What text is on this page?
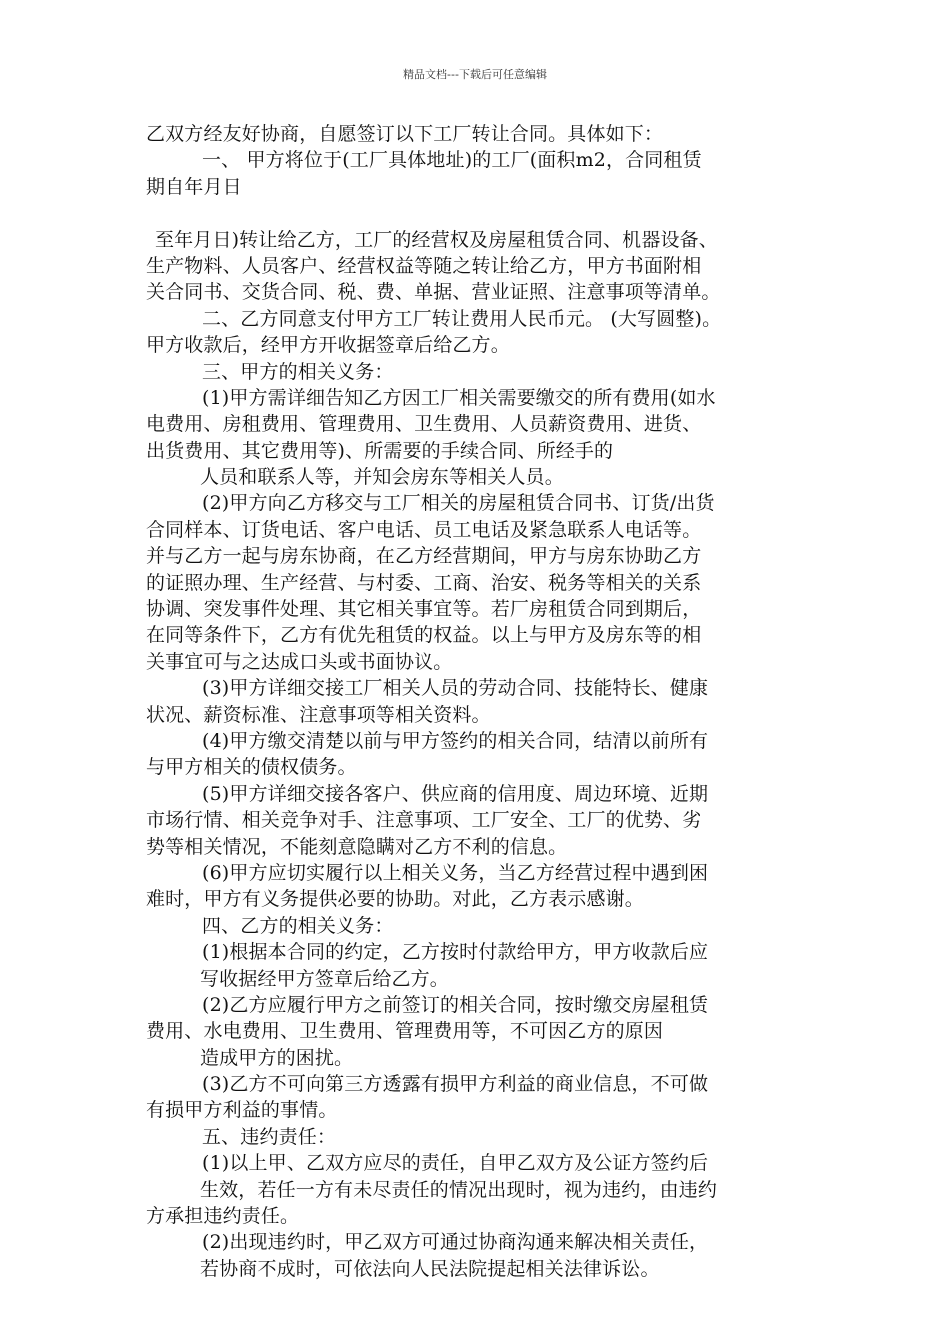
精品文档---下载后可任意编辑
乙双方经友好协商，自愿签订以下工厂转让合同。具体如下：
一、 甲方将位于(工厂具体地址)的工厂(面积m2，合同租赁
期自年月日
至年月日)转让给乙方，工厂的经营权及房屋租赁合同、机器设备、
生产物料、人员客户、经营权益等随之转让给乙方，甲方书面附相
关合同书、交货合同、税、费、单据、营业证照、注意事项等清单。
二、乙方同意支付甲方工厂转让费用人民币元。 (大写圆整)。
甲方收款后，经甲方开收据签章后给乙方。
三、甲方的相关义务：
(1)甲方需详细告知乙方因工厂相关需要缴交的所有费用(如水
电费用、房租费用、管理费用、卫生费用、人员薪资费用、进货、
出货费用、其它费用等)、所需要的手续合同、所经手的
人员和联系人等，并知会房东等相关人员。
(2)甲方向乙方移交与工厂相关的房屋租赁合同书、订货/出货
合同样本、订货电话、客户电话、员工电话及紧急联系人电话等。
并与乙方一起与房东协商，在乙方经营期间，甲方与房东协助乙方
的证照办理、生产经营、与村委、工商、治安、税务等相关的关系
协调、突发事件处理、其它相关事宜等。若厂房租赁合同到期后，
在同等条件下，乙方有优先租赁的权益。以上与甲方及房东等的相
关事宜可与之达成口头或书面协议。
(3)甲方详细交接工厂相关人员的劳动合同、技能特长、健康
状况、薪资标准、注意事项等相关资料。
(4)甲方缴交清楚以前与甲方签约的相关合同，结清以前所有
与甲方相关的债权债务。
(5)甲方详细交接各客户、供应商的信用度、周边环境、近期
市场行情、相关竞争对手、注意事项、工厂安全、工厂的优势、劣
势等相关情况，不能刻意隐瞒对乙方不利的信息。
(6)甲方应切实履行以上相关义务，当乙方经营过程中遇到困
难时，甲方有义务提供必要的协助。对此，乙方表示感谢。
四、乙方的相关义务：
(1)根据本合同的约定，乙方按时付款给甲方，甲方收款后应
写收据经甲方签章后给乙方。
(2)乙方应履行甲方之前签订的相关合同，按时缴交房屋租赁
费用、水电费用、卫生费用、管理费用等，不可因乙方的原因
造成甲方的困扰。
(3)乙方不可向第三方透露有损甲方利益的商业信息，不可做
有损甲方利益的事情。
五、违约责任：
(1)以上甲、乙双方应尽的责任，自甲乙双方及公证方签约后
生效，若任一方有未尽责任的情况出现时，视为违约，由违约
方承担违约责任。
(2)出现违约时，甲乙双方可通过协商沟通来解决相关责任，
若协商不成时，可依法向人民法院提起相关法律诉讼。
